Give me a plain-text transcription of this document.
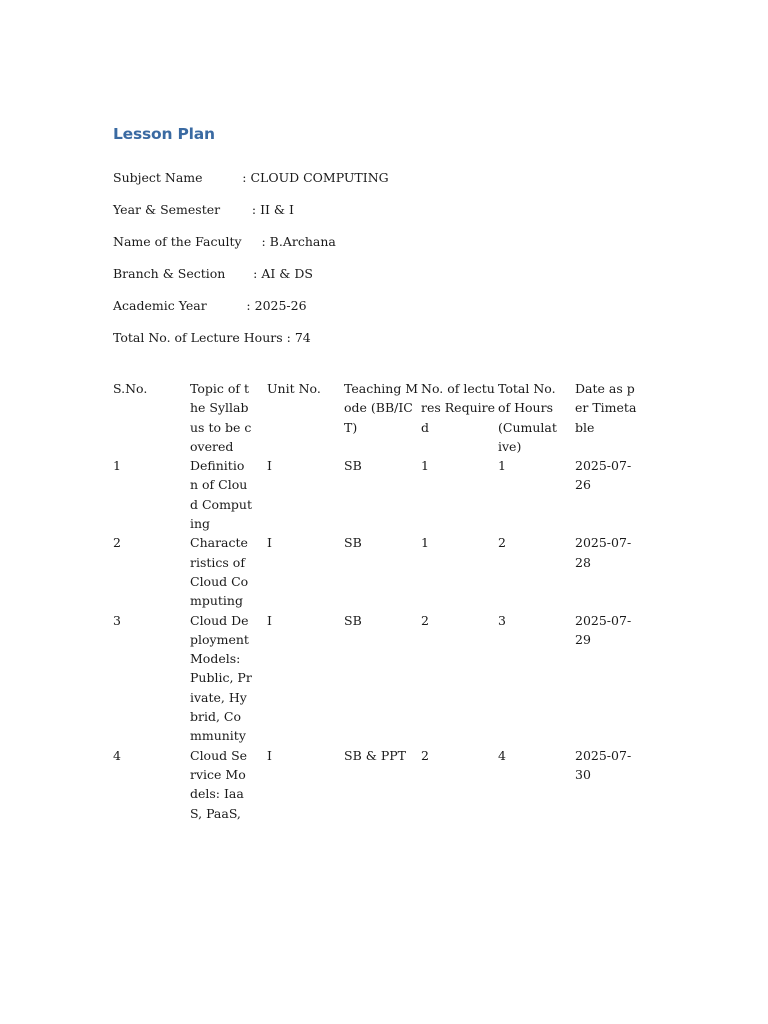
Lesson Plan
Subject Name          : CLOUD COMPUTING
Year & Semester        : II & I
Name of the Faculty     : B.Archana
Branch & Section       : AI & DS
Academic Year          : 2025-26
Total No. of Lecture Hours : 74
S.No.	Topic of the Syllabus to be covered	Unit No.	Teaching Mode (BB/ICT)	No. of lectures Required	Total No. of Hours (Cumulative)	Date as per Timetable
1	Definition of Cloud Computing	I	SB	1	1	2025-07-26
2	Characteristics of Cloud Computing	I	SB	1	2	2025-07-28
3	Cloud Deployment Models: Public, Private, Hybrid, Community	I	SB	2	3	2025-07-29
4	Cloud Service Models: IaaS, PaaS,	I	SB & PPT	2	4	2025-07-30
